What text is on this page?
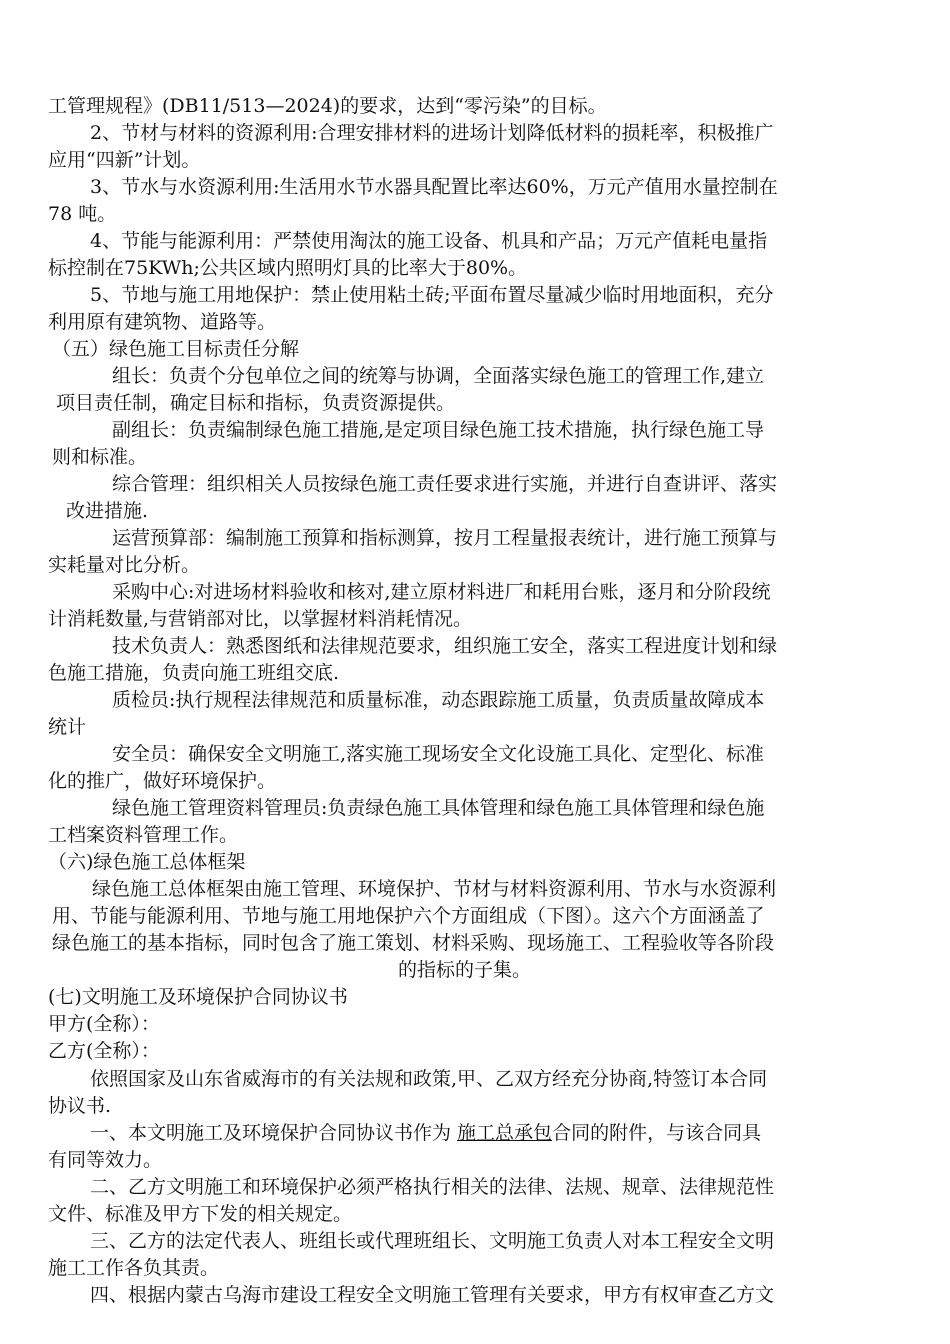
工管理规程》(DB11/513—2024)的要求，达到“零污染”的目标。
2、节材与材料的资源利用:合理安排材料的进场计划降低材料的损耗率，积极推广
应用“四新”计划。
3、节水与水资源利用:生活用水节水器具配置比率达60%，万元产值用水量控制在
78 吨。
4、节能与能源利用：严禁使用淘汰的施工设备、机具和产品；万元产值耗电量指
标控制在75KWh;公共区域内照明灯具的比率大于80%。
5、节地与施工用地保护：禁止使用粘土砖;平面布置尽量减少临时用地面积，充分
利用原有建筑物、道路等。
（五）绿色施工目标责任分解
组长：负责个分包单位之间的统筹与协调，全面落实绿色施工的管理工作,建立
项目责任制，确定目标和指标，负责资源提供。
副组长：负责编制绿色施工措施,是定项目绿色施工技术措施，执行绿色施工导
则和标准。
综合管理：组织相关人员按绿色施工责任要求进行实施，并进行自查讲评、落实
改进措施.
运营预算部：编制施工预算和指标测算，按月工程量报表统计，进行施工预算与
实耗量对比分析。
采购中心:对进场材料验收和核对,建立原材料进厂和耗用台账，逐月和分阶段统
计消耗数量,与营销部对比，以掌握材料消耗情况。
技术负责人：熟悉图纸和法律规范要求，组织施工安全，落实工程进度计划和绿
色施工措施，负责向施工班组交底.
质检员:执行规程法律规范和质量标准，动态跟踪施工质量，负责质量故障成本
统计
安全员：确保安全文明施工,落实施工现场安全文化设施工具化、定型化、标准
化的推广，做好环境保护。
绿色施工管理资料管理员:负责绿色施工具体管理和绿色施工具体管理和绿色施
工档案资料管理工作。
（六)绿色施工总体框架
绿色施工总体框架由施工管理、环境保护、节材与材料资源利用、节水与水资源利
用、节能与能源利用、节地与施工用地保护六个方面组成（下图）。这六个方面涵盖了
绿色施工的基本指标，同时包含了施工策划、材料采购、现场施工、工程验收等各阶段
的指标的子集。
(七)文明施工及环境保护合同协议书
甲方(全称）：
乙方(全称）：
依照国家及山东省威海市的有关法规和政策,甲、乙双方经充分协商,特签订本合同
协议书.
一、本文明施工及环境保护合同协议书作为 施工总承包合同的附件，与该合同具
有同等效力。
二、乙方文明施工和环境保护必须严格执行相关的法律、法规、规章、法律规范性
文件、标准及甲方下发的相关规定。
三、乙方的法定代表人、班组长或代理班组长、文明施工负责人对本工程安全文明
施工工作各负其责。
四、根据内蒙古乌海市建设工程安全文明施工管理有关要求，甲方有权审查乙方文
